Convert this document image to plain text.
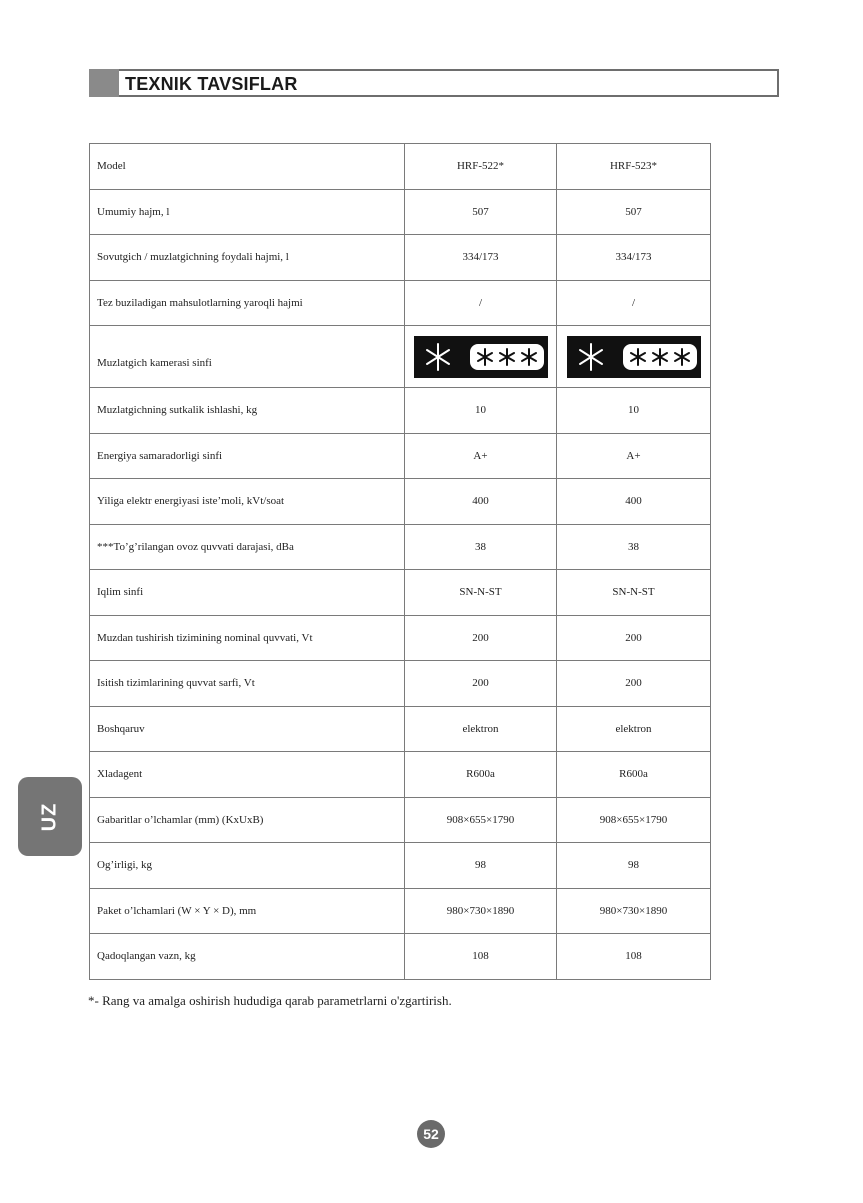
TEXNIK TAVSIFLAR
Model	HRF-522*	HRF-523*
Umumiy hajm, l	507	507
Sovutgich / muzlatgichning foydali hajmi, l	334/173	334/173
Tez buziladigan mahsulotlarning yaroqli hajmi	/	/
Muzlatgich kamerasi sinfi	

Muzlatgichning sutkalik ishlashi, kg	10	10
Energiya samaradorligi sinfi	A+	A+
Yiliga elektr energiyasi iste’moli, kVt/soat	400	400
***To’g’rilangan ovoz quvvati darajasi, dBa	38	38
Iqlim sinfi	SN-N-ST	SN-N-ST
Muzdan tushirish tizimining nominal quvvati, Vt	200	200
Isitish tizimlarining quvvat sarfi, Vt	200	200
Boshqaruv	elektron	elektron
Xladagent	R600a	R600a
Gabaritlar o’lchamlar (mm) (KxUxB)	908×655×1790	908×655×1790
Og’irligi, kg	98	98
Paket o’lchamlari (W × Y × D), mm	980×730×1890	980×730×1890
Qadoqlangan vazn, kg	108	108
UZ
*- Rang va amalga oshirish hududiga qarab parametrlarni o'zgartirish.
52
